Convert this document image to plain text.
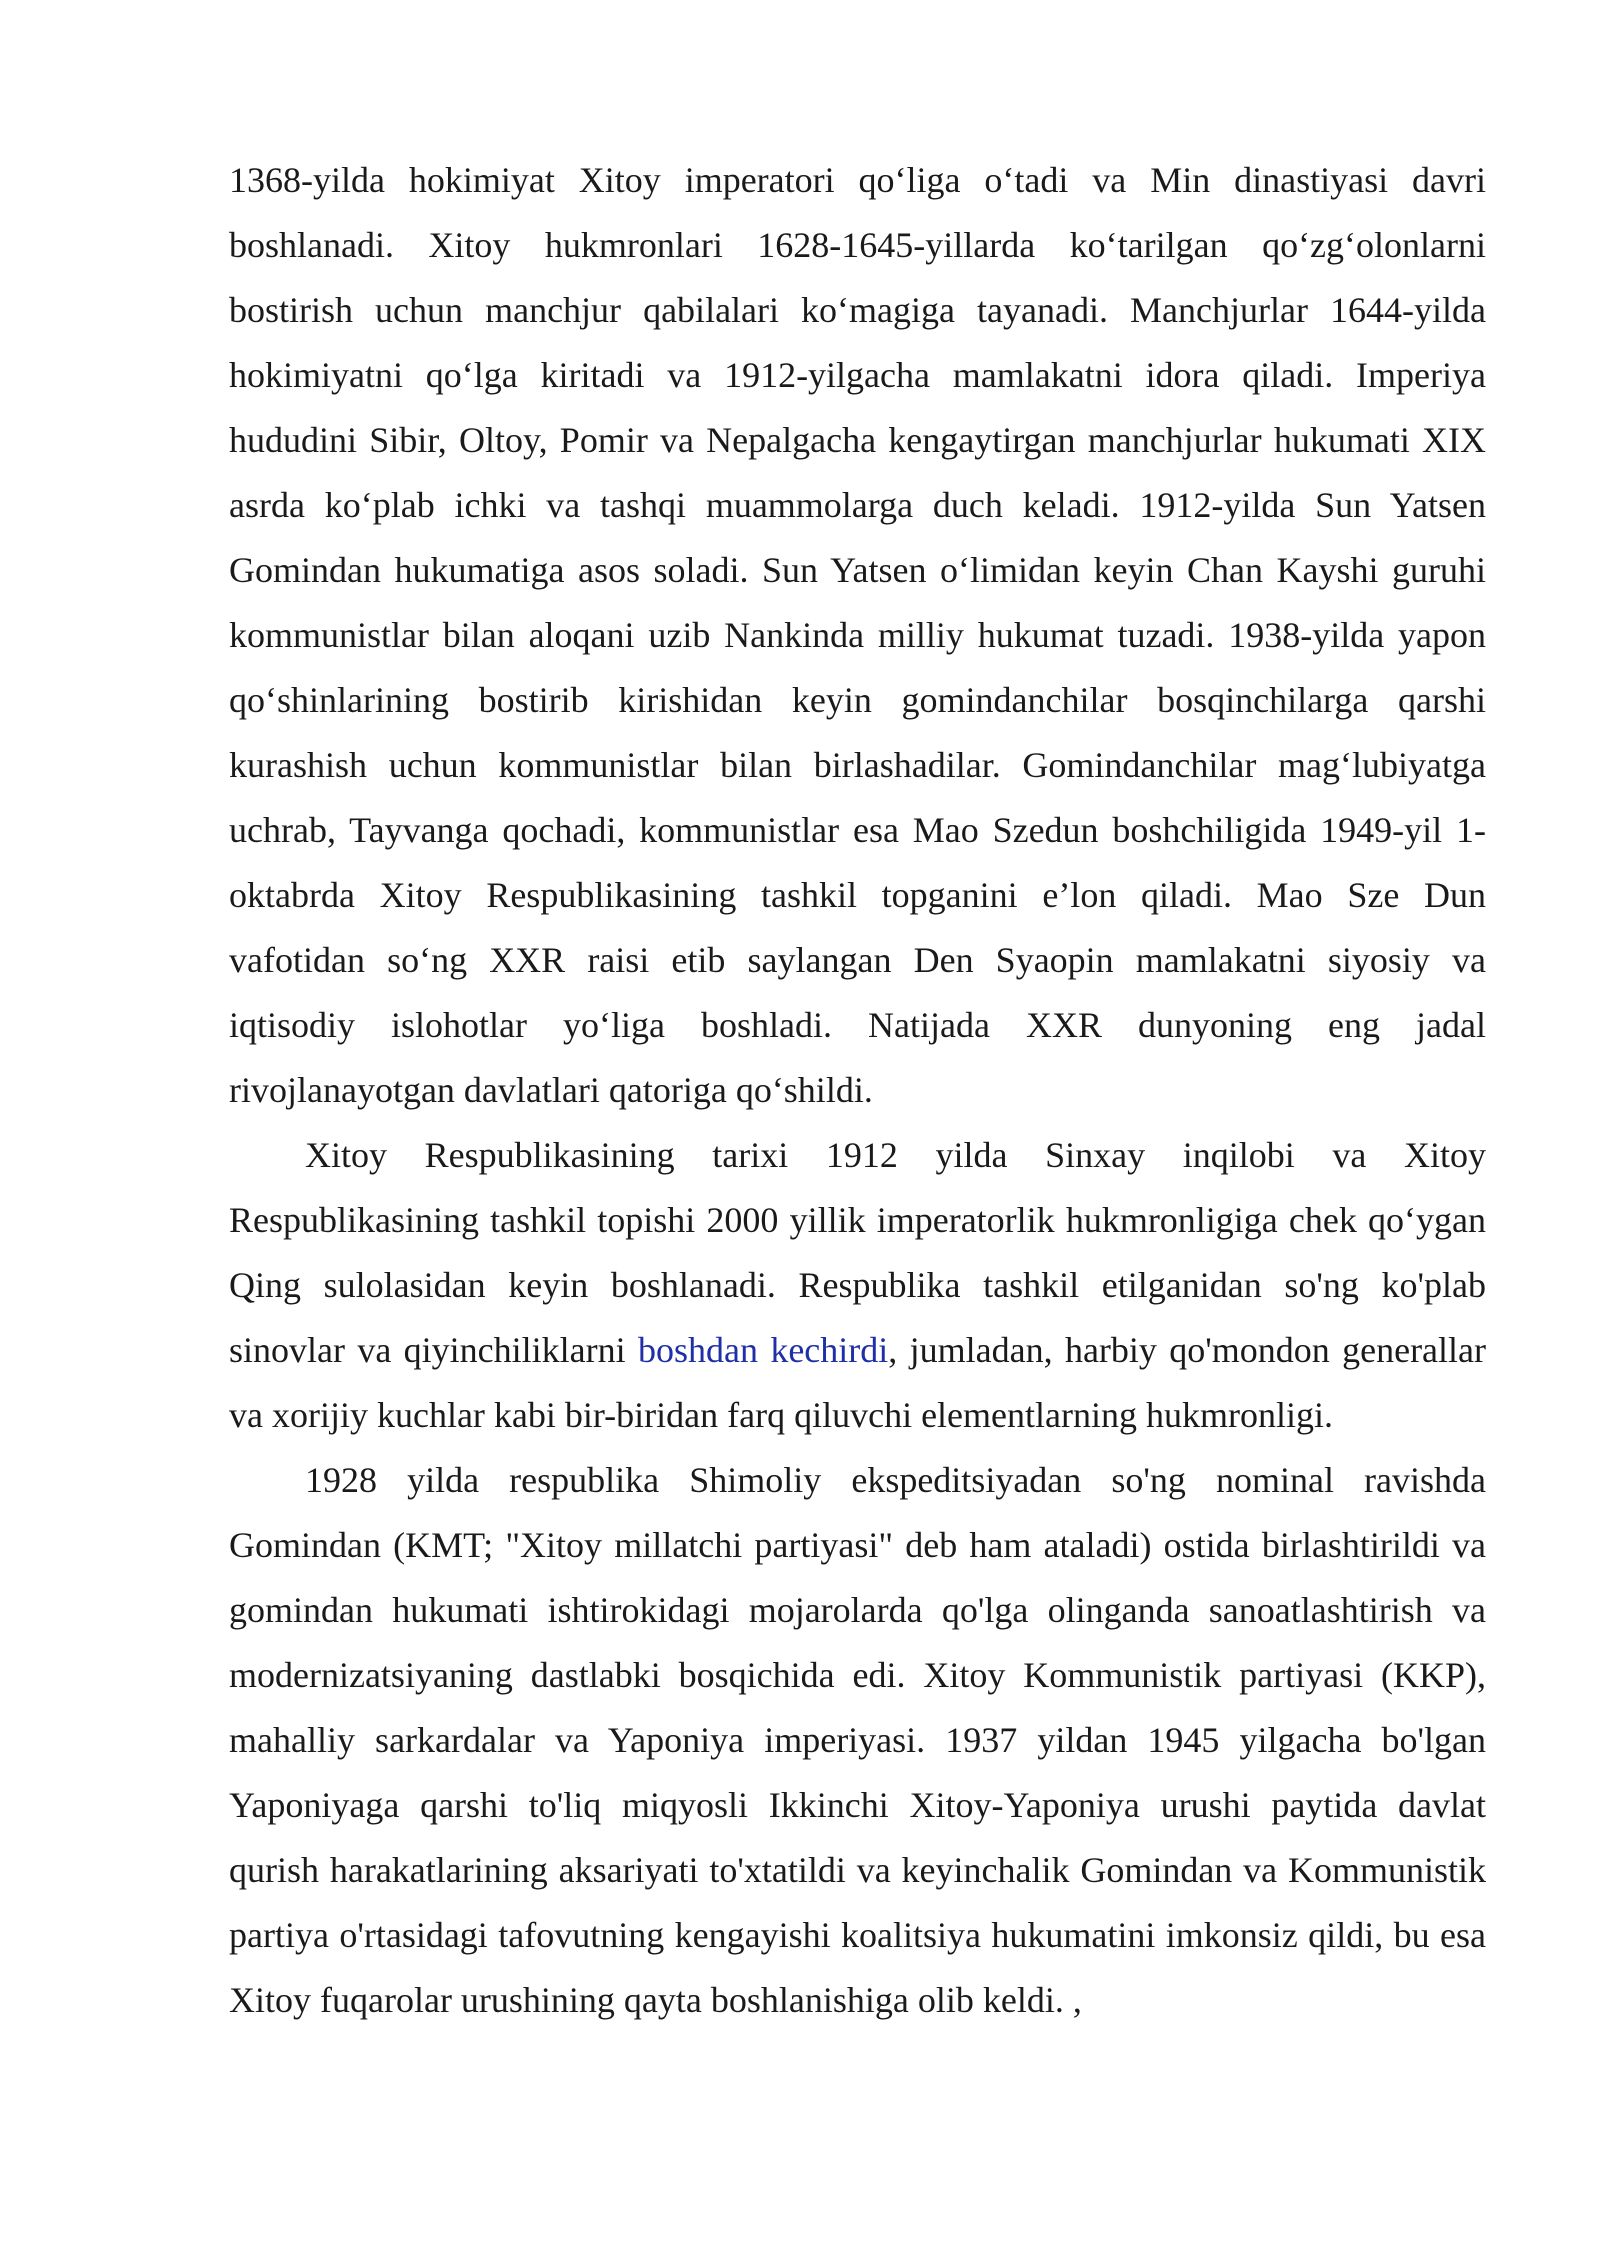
1368-yilda hokimiyat Xitoy imperatori qo‘liga o‘tadi va Min dinastiyasi davri boshlanadi. Xitoy hukmronlari 1628-1645-yillarda ko‘tarilgan qo‘zg‘olonlarni bostirish uchun manchjur qabilalari ko‘magiga tayanadi. Manchjurlar 1644-yilda hokimiyatni qo‘lga kiritadi va 1912-yilgacha mamlakatni idora qiladi. Imperiya hududini Sibir, Oltoy, Pomir va Nepalgacha kengaytirgan manchjurlar hukumati XIX asrda ko‘plab ichki va tashqi muammolarga duch keladi. 1912-yilda Sun Yatsen Gomindan hukumatiga asos soladi. Sun Yatsen o‘limidan keyin Chan Kayshi guruhi kommunistlar bilan aloqani uzib Nankinda milliy hukumat tuzadi. 1938-yilda yapon qo‘shinlarining bostirib kirishidan keyin gomindanchilar bosqinchilarga qarshi kurashish uchun kommunistlar bilan birlashadilar. Gomindanchilar mag‘lubiyatga uchrab, Tayvanga qochadi, kommunistlar esa Mao Szedun boshchiligida 1949-yil 1-oktabrda Xitoy Respublikasining tashkil topganini e’lon qiladi. Mao Sze Dun vafotidan so‘ng XXR raisi etib saylangan Den Syaopin mamlakatni siyosiy va iqtisodiy islohotlar yo‘liga boshladi. Natijada XXR dunyoning eng jadal rivojlanayotgan davlatlari qatoriga qo‘shildi.

Xitoy Respublikasining tarixi 1912 yilda Sinxay inqilobi va Xitoy Respublikasining tashkil topishi 2000 yillik imperatorlik hukmronligiga chek qo‘ygan Qing sulolasidan keyin boshlanadi. Respublika tashkil etilganidan so'ng ko'plab sinovlar va qiyinchiliklarni boshdan kechirdi, jumladan, harbiy qo'mondon generallar va xorijiy kuchlar kabi bir-biridan farq qiluvchi elementlarning hukmronligi.

1928 yilda respublika Shimoliy ekspeditsiyadan so'ng nominal ravishda Gomindan (KMT; "Xitoy millatchi partiyasi" deb ham ataladi) ostida birlashtirildi va gomindan hukumati ishtirokidagi mojarolarda qo'lga olinganda sanoatlashtirish va modernizatsiyaning dastlabki bosqichida edi. Xitoy Kommunistik partiyasi (KKP), mahalliy sarkardalar va Yaponiya imperiyasi. 1937 yildan 1945 yilgacha bo'lgan Yaponiyaga qarshi to'liq miqyosli Ikkinchi Xitoy-Yaponiya urushi paytida davlat qurish harakatlarining aksariyati to'xtatildi va keyinchalik Gomindan va Kommunistik partiya o'rtasidagi tafovutning kengayishi koalitsiya hukumatini imkonsiz qildi, bu esa Xitoy fuqarolar urushining qayta boshlanishiga olib keldi. ,
